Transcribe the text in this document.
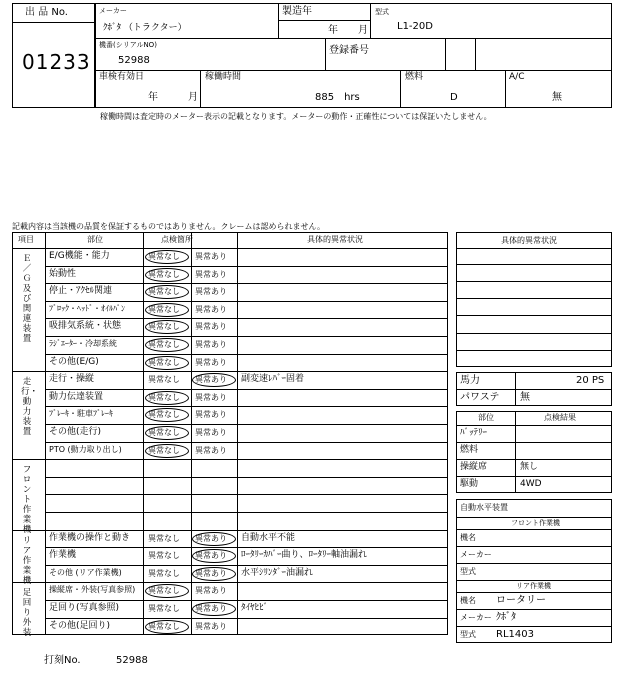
出 品 No.
01233
メーカー
ｸﾎﾞﾀ （トラクター）
製造年
年　　月
型式
L1-20D
機番(シリアルNO)
52988
登録番号
車検有効日
年　　　月
稼働時間
885　hrs
燃料
D
A/C
無
稼働時間は査定時のメーター表示の記載となります。メーターの動作・正確性については保証いたしません。
記載内容は当該機の品質を保証するものではありません。クレームは認められません。
項目	部位	点検箇所	具体的異常状況
Ｅ／Ｇ及び関連装置
E/G機能・能力	異常なし 異常あり
始動性	異常なし 異常あり
停止・ｱｸｾﾙ関連	異常なし 異常あり
ﾌﾞﾛｯｸ・ﾍｯﾄﾞ・ｵｲﾙﾊﾟﾝ	異常なし 異常あり
吸排気系統・状態	異常なし 異常あり
ﾗｼﾞｴｰﾀｰ・冷却系統	異常なし 異常あり
その他(E/G)	異常なし 異常あり
走行・動力装置
走行・操縦	異常なし 異常あり 副変速ﾚﾊﾞｰ固着
動力伝達装置	異常なし 異常あり
ﾌﾞﾚｰｷ・駐車ﾌﾞﾚｰｷ	異常なし 異常あり
その他(走行)	異常なし 異常あり
PTO (動力取り出し)	異常なし 異常あり
フロント作業機
リア作業機
作業機の操作と動き 異常なし 異常あり 自動水平不能
作業機	異常なし 異常あり ﾛｰﾀﾘｰｶﾊﾞｰ曲り、ﾛｰﾀﾘｰ軸油漏れ
その他 (リア作業機)	異常なし 異常あり 水平ｼﾘﾝﾀﾞｰ油漏れ
足回り外装
操縦席・外装(写真参照) 異常なし 異常あり
足回り(写真参照)	異常なし 異常あり ﾀｲﾔﾋﾋﾞ
その他(足回り)	異常なし 異常あり
具体的異常状況
馬力	20 PS
パワステ 無
部位	点検結果
ﾊﾞｯﾃﾘｰ
燃料
操縦席	無し
駆動	4WD
自動水平装置
フロント作業機
機名
メーカー
型式
リア作業機
機名 ロータリー
メーカー ｸﾎﾞﾀ
型式 RL1403
打刻No.	52988
